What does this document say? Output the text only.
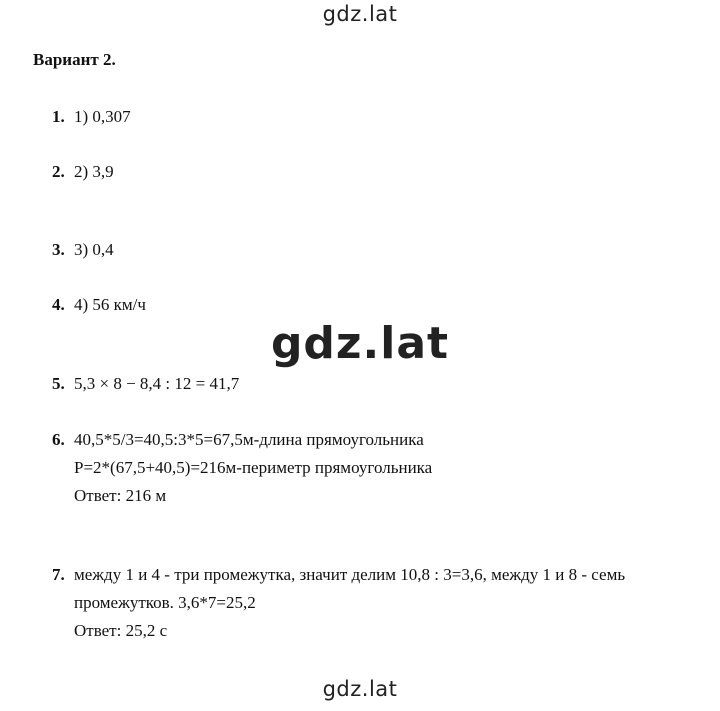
gdz.lat
Вариант 2.
1. 1) 0,307
2. 2) 3,9
3. 3) 0,4
4. 4) 56 км/ч
gdz.lat
5. 5,3 × 8 − 8,4 : 12 = 41,7
6. 40,5*5/3=40,5:3*5=67,5м-длина прямоугольника
P=2*(67,5+40,5)=216м-периметр прямоугольника
Ответ: 216 м
7. между 1 и 4 - три промежутка, значит делим 10,8 : 3=3,6, между 1 и 8 - семь
промежутков. 3,6*7=25,2
Ответ: 25,2 с
gdz.lat
